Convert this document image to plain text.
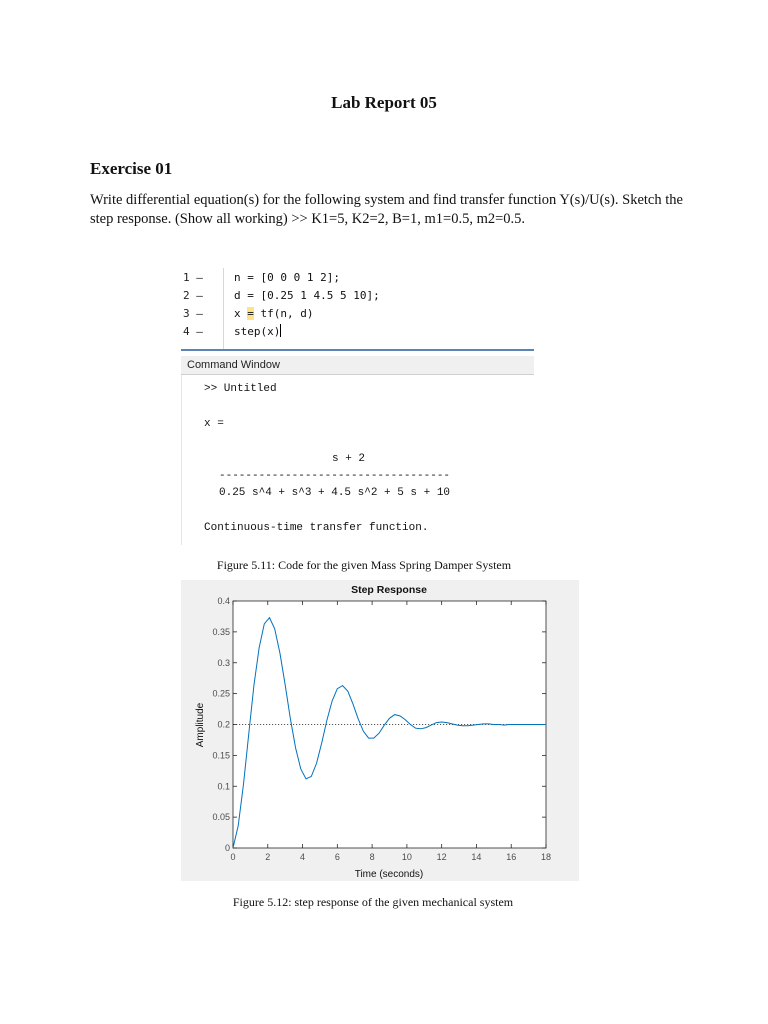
Lab Report 05
Exercise 01
Write differential equation(s) for the following system and find transfer function Y(s)/U(s). Sketch the step response. (Show all working) >> K1=5, K2=2, B=1, m1=0.5, m2=0.5.
1 –	n = [0 0 0 1 2];
2 –	d = [0.25 1 4.5 5 10];
3 –	x = tf(n, d)
4 –	step(x)
Command Window
>> Untitled
x =
s + 2
-----------------------------------
0.25 s^4 + s^3 + 4.5 s^2 + 5 s + 10
Continuous-time transfer function.
Figure 5.11: Code for the given Mass Spring Damper System
Step Response
Time (seconds)
Amplitude
0	2	4	6	8	10	12	14	16	18
0
0.05
0.1
0.15
0.2
0.25
0.3
0.35
0.4
Figure 5.12: step response of the given mechanical system
